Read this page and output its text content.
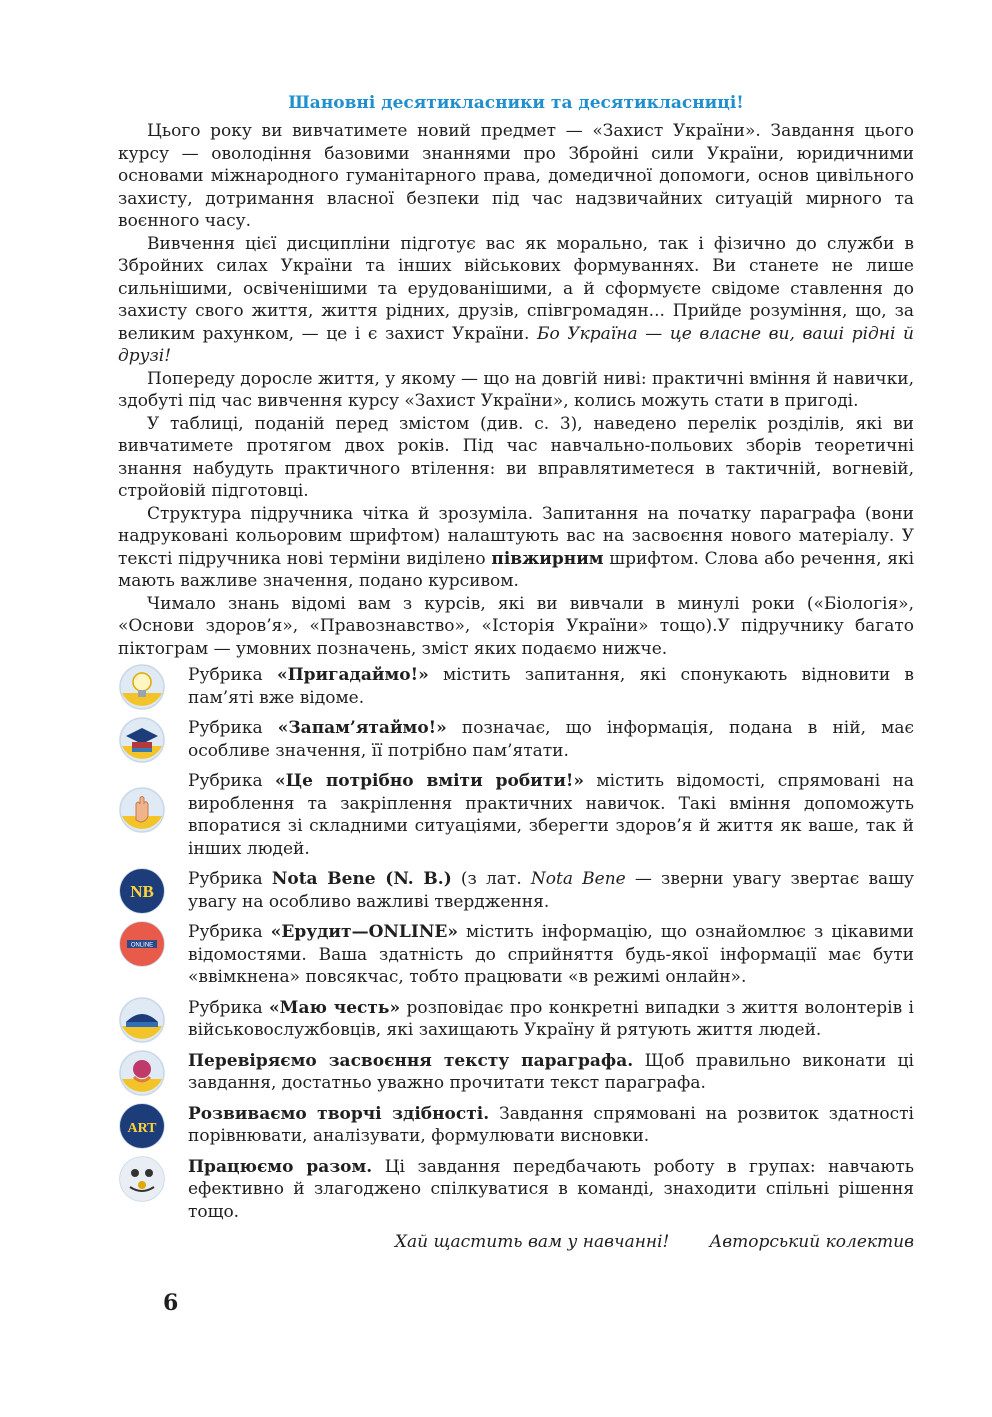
Шановні десятикласники та десятикласниці!

Цього року ви вивчатимете новий предмет — «Захист України». Завдання цього курсу — оволодіння базовими знаннями про Збройні сили України, юридичними основами міжнародного гуманітарного права, домедичної допомоги, основ цивільного захисту, дотримання власної безпеки під час надзвичайних ситуацій мирного та воєнного часу.

Вивчення цієї дисципліни підготує вас як морально, так і фізично до служби в Збройних силах України та інших військових формуваннях. Ви станете не лише сильнішими, освіченішими та ерудованішими, а й сформуєте свідоме ставлення до захисту свого життя, життя рідних, друзів, співгромадян... Прийде розуміння, що, за великим рахунком, — це і є захист України. Бо Україна — це власне ви, ваші рідні й друзі!

Попереду доросле життя, у якому — що на довгій ниві: практичні вміння й навички, здобуті під час вивчення курсу «Захист України», колись можуть стати в пригоді.

У таблиці, поданій перед змістом (див. с. 3), наведено перелік розділів, які ви вивчатимете протягом двох років. Під час навчально-польових зборів теоретичні знання набудуть практичного втілення: ви вправлятиметеся в тактичній, вогневій, стройовій підготовці.

Структура підручника чітка й зрозуміла. Запитання на початку параграфа (вони надруковані кольоровим шрифтом) налаштують вас на засвоєння нового матеріалу. У тексті підручника нові терміни виділено півжирним шрифтом. Слова або речення, які мають важливе значення, подано курсивом.

Чимало знань відомі вам з курсів, які ви вивчали в минулі роки («Біологія», «Основи здоров’я», «Правознавство», «Історія України» тощо).У підручнику багато піктограм — умовних позначень, зміст яких подаємо нижче.

Рубрика «Пригадаймо!» містить запитання, які спонукають відновити в пам’яті вже відоме.

Рубрика «Запам’ятаймо!» позначає, що інформація, подана в ній, має особливе значення, її потрібно пам’ятати.

Рубрика «Це потрібно вміти робити!» містить відомості, спрямовані на вироблення та закріплення практичних навичок. Такі вміння допоможуть впоратися зі складними ситуаціями, зберегти здоров’я й життя як ваше, так й інших людей.

NB

Рубрика Nota Bene (N. B.) (з лат. Nota Bene — зверни увагу звертає вашу увагу на особливо важливі твердження.

ONLINE

Рубрика «Ерудит—ONLINE» містить інформацію, що ознайомлює з цікавими відомостями. Ваша здатність до сприйняття будь-якої інформації має бути «ввімкнена» повсякчас, тобто працювати «в режимі онлайн».

Рубрика «Маю честь» розповідає про конкретні випадки з життя волонтерів і військовослужбовців, які захищають Україну й рятують життя людей.

Перевіряємо засвоєння тексту параграфа. Щоб правильно виконати ці завдання, достатньо уважно прочитати текст параграфа.

ART

Розвиваємо творчі здібності. Завдання спрямовані на розвиток здатності порівнювати, аналізувати, формулювати висновки.

Працюємо разом. Ці завдання передбачають роботу в групах: навчають ефективно й злагоджено спілкуватися в команді, знаходити спільні рішення тощо.

Хай щастить вам у навчанні! Авторський колектив
6
